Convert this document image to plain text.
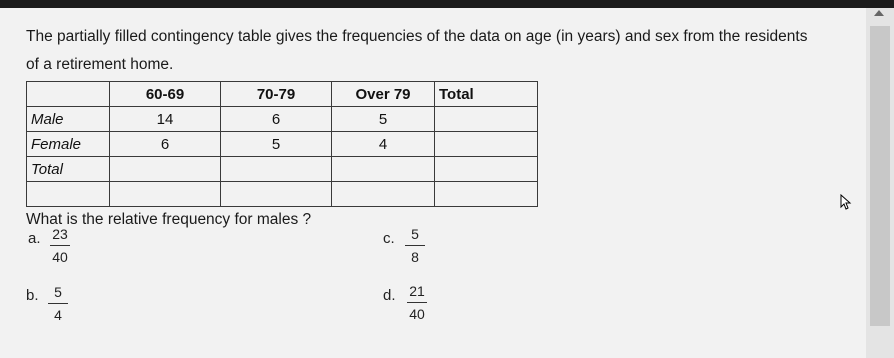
The partially filled contingency table gives the frequencies of the data on age (in years) and sex from the residents
of a retirement home.
	60-69	70-79	Over 79	Total
Male	14	6	5	
Female	6	5	4	
Total				

What is the relative frequency for males ?
a. 23
40
b. 5
4
c. 5
8
d. 21
40
